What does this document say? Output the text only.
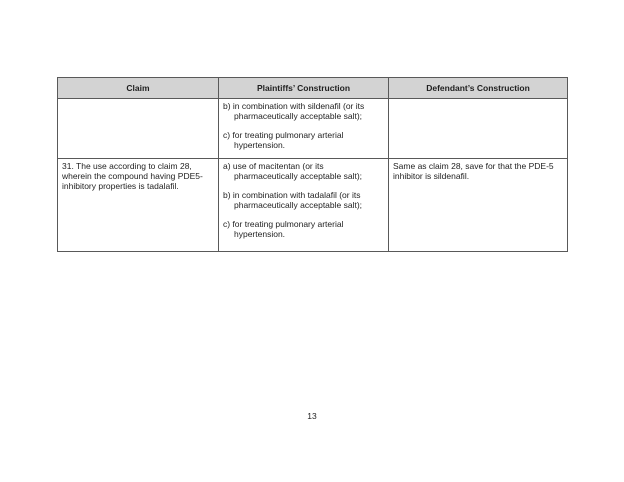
Claim	Plaintiffs’ Construction	Defendant’s Construction

	b) in combination with sildenafil (or its pharmaceutically acceptable salt);
c) for treating pulmonary arterial hypertension.	

31. The use according to claim 28, wherein the compound having PDE5-inhibitory properties is tadalafil.	a) use of macitentan (or its pharmaceutically acceptable salt);
b) in combination with tadalafil (or its pharmaceutically acceptable salt);
c) for treating pulmonary arterial hypertension.	Same as claim 28, save for that the PDE-5 inhibitor is sildenafil.

13
